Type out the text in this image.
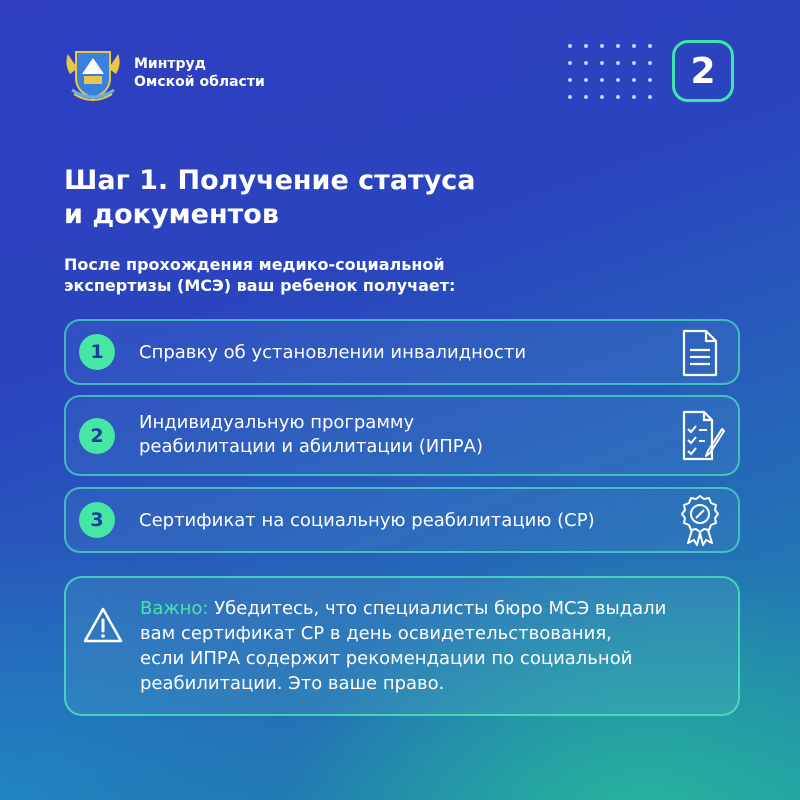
Минтруд
Омской области	2
Шаг 1. Получение статуса
и документов
После прохождения медико-социальной
экспертизы (МСЭ) ваш ребенок получает:
1	Справку об установлении инвалидности
2
Индивидуальную программу
реабилитации и абилитации (ИПРА)
3	Сертификат на социальную реабилитацию (СР)
Важно: Убедитесь, что специалисты бюро МСЭ выдали
вам сертификат СР в день освидетельствования,
если ИПРА содержит рекомендации по социальной
реабилитации. Это ваше право.
